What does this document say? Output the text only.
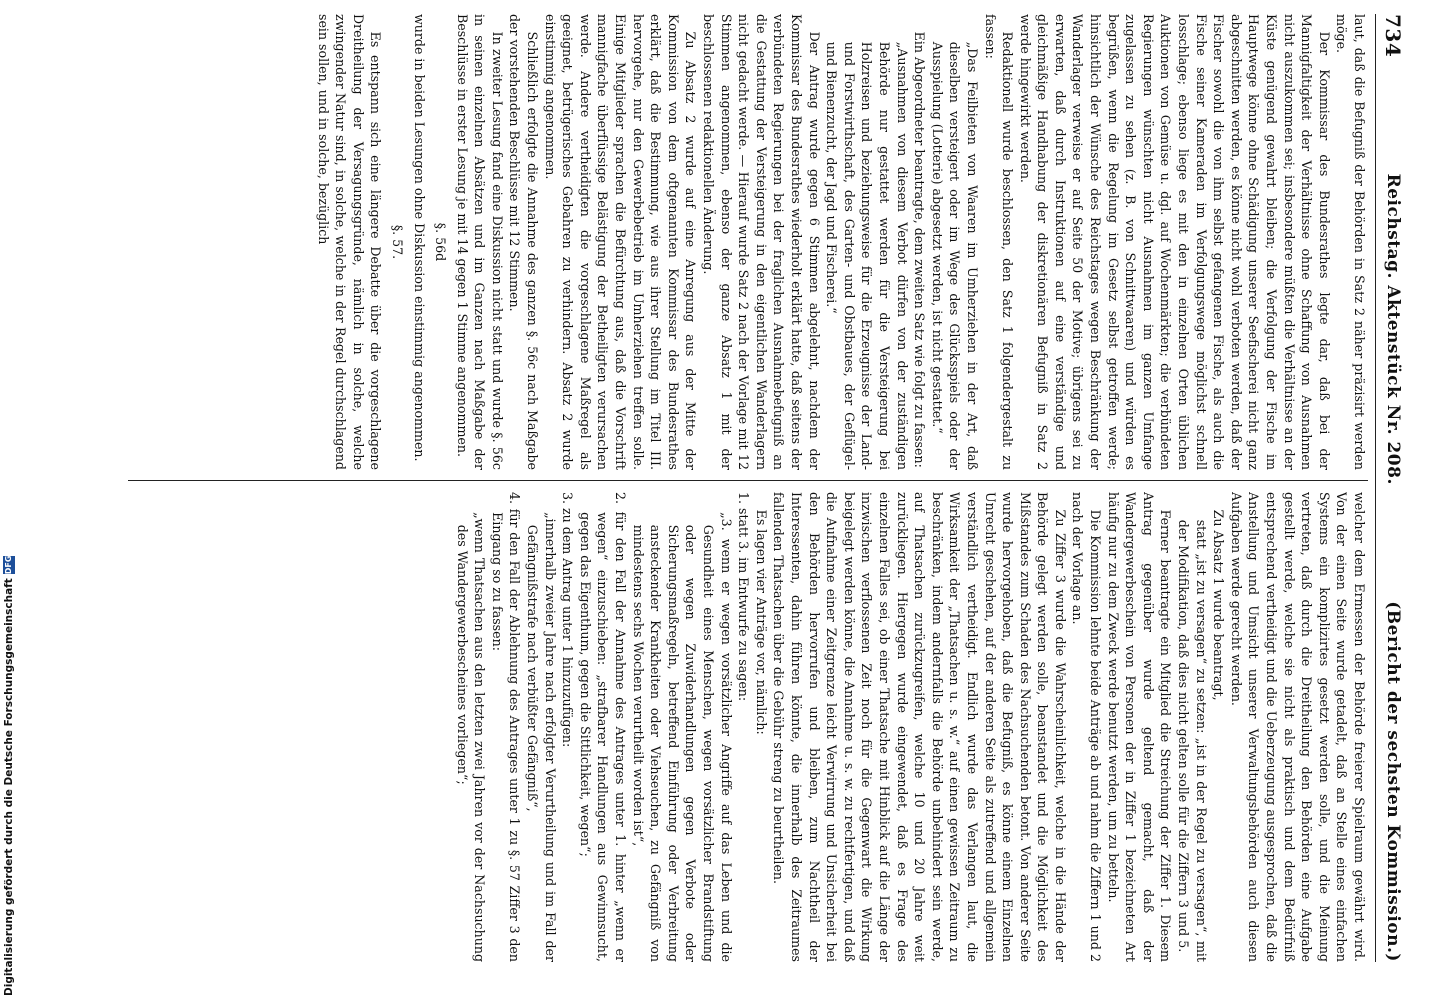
734
Reichstag. Aktenstück Nr. 208.
(Bericht der sechsten Kommission.)

laut, daß die Befugniß der Behörden in Satz 2 näher präzisirt werden möge.

Der Kommissar des Bundesrathes legte dar, daß bei der Mannigfaltigkeit der Verhältnisse ohne Schaffung von Ausnahmen nicht auszukommen sei; insbesondere müßten die Verhältnisse an der Küste genügend gewahrt bleiben; die Verfolgung der Fische im Hauptwege könne ohne Schädigung unserer Seefischerei nicht ganz abgeschnitten werden, es könne nicht wohl verboten werden, daß der Fischer sowohl die von ihm selbst gefangenen Fische, als auch die Fische seiner Kameraden im Verfolgungswege möglichst schnell losschlage; ebenso liege es mit den in einzelnen Orten üblichen Auktionen von Gemüse u. dgl. auf Wochenmärkten; die verbündeten Regierungen wünschten nicht Ausnahmen im ganzen Umfange zugelassen zu sehen (z. B. von Schnittwaaren) und würden es begrüßen, wenn die Regelung im Gesetz selbst getroffen werde; hinsichtlich der Wünsche des Reichstages wegen Beschränkung der Wanderlager verweise er auf Seite 50 der Motive; übrigens sei zu erwarten, daß durch Instruktionen auf eine verständige und gleichmäßige Handhabung der diskretionären Befugniß in Satz 2 werde hingewirkt werden.

Redaktionell wurde beschlossen, den Satz 1 folgendergestalt zu fassen:

„Das Feilbieten von Waaren im Umherziehen in der Art, daß dieselben versteigert oder im Wege des Glücksspiels oder der Ausspielung (Lotterie) abgesetzt werden, ist nicht gestattet.“

Ein Abgeordneter beantragte, dem zweiten Satz wie folgt zu fassen:

„Ausnahmen von diesem Verbot dürfen von der zuständigen Behörde nur gestattet werden für die Versteigerung bei Holzreisen und beziehungsweise für die Erzeugnisse der Land- und Forstwirthschaft, des Garten- und Obstbaues, der Geflügel- und Bienenzucht, der Jagd und Fischerei.“

Der Antrag wurde gegen 6 Stimmen abgelehnt, nachdem der Kommissar des Bundesrathes wiederholt erklärt hatte, daß seitens der verbündeten Regierungen bei der fraglichen Ausnahmebefugniß an die Gestattung der Versteigerung in den eigentlichen Wanderlagern nicht gedacht werde. — Hierauf wurde Satz 2 nach der Vorlage mit 12 Stimmen angenommen, ebenso der ganze Absatz 1 mit der beschlossenen redaktionellen Änderung.

Zu Absatz 2 wurde auf eine Anregung aus der Mitte der Kommission von dem oftgenannten Kommissar des Bundesrathes erklärt, daß die Bestimmung, wie aus ihrer Stellung im Titel III. hervorgehe, nur den Gewerbebetrieb im Umherziehen treffen solle. Einige Mitglieder sprachen die Befürchtung aus, daß die Vorschrift mannigfache überflüssige Belästigung der Betheiligten verursachen werde. Andere vertheidigten die vorgeschlagene Maßregel als geeignet, betrügerisches Gebahren zu verhindern. Absatz 2 wurde einstimmig angenommen.

Schließlich erfolgte die Annahme des ganzen §. 56c nach Maßgabe der vorstehenden Beschlüsse mit 12 Stimmen.

In zweiter Lesung fand eine Diskussion nicht statt und wurde §. 56c in seinen einzelnen Absätzen und im Ganzen nach Maßgabe der Beschlüsse in erster Lesung je mit 14 gegen 1 Stimme angenommen.

§. 56d

wurde in beiden Lesungen ohne Diskussion einstimmig angenommen.

§. 57.

Es entspann sich eine längere Debatte über die vorgeschlagene Dreitheilung der Versagungsgründe, nämlich in solche, welche zwingender Natur sind, in solche, welche in der Regel durchschlagend sein sollen, und in solche, bezüglich

welcher dem Ermessen der Behörde freierer Spielraum gewährt wird. Von der einen Seite wurde getadelt, daß an Stelle eines einfachen Systems ein komplizirtes gesetzt werden solle, und die Meinung vertreten, daß durch die Dreitheilung den Behörden eine Aufgabe gestellt werde, welche sie nicht als praktisch und dem Bedürfniß entsprechend vertheidigt und die Ueberzeugung ausgesprochen, daß die Anstellung und Umsicht unserer Verwaltungsbehörden auch diesen Aufgaben werde gerecht werden.

Zu Absatz 1 wurde beantragt,

statt „ist zu versagen“ zu setzen: „ist in der Regel zu versagen“, mit der Modifikation, daß dies nicht gelten solle für die Ziffern 3 und 5.

Ferner beantragte ein Mitglied die Streichung der Ziffer 1. Diesem Antrag gegenüber wurde geltend gemacht, daß der Wandergewerbeschein von Personen der in Ziffer 1 bezeichneten Art häufig nur zu dem Zweck werde benutzt werden, um zu betteln.

Die Kommission lehnte beide Anträge ab und nahm die Ziffern 1 und 2 nach der Vorlage an.

Zu Ziffer 3 wurde die Wahrscheinlichkeit, welche in die Hände der Behörde gelegt werden solle, beanstandet und die Möglichkeit des Mißstandes zum Schaden des Nachsuchenden betont. Von anderer Seite wurde hervorgehoben, daß die Befugniß, es könne einem Einzelnen Unrecht geschehen, auf der anderen Seite als zutreffend und allgemein verständlich vertheidigt. Endlich wurde das Verlangen laut, die Wirksamkeit der „Thatsachen u. s. w.“ auf einen gewissen Zeitraum zu beschränken, indem andernfalls die Behörde unbehindert sein werde, auf Thatsachen zurückzugreifen, welche 10 und 20 Jahre weit zurückliegen. Hiergegen wurde eingewendet, daß es Frage des einzelnen Falles sei, ob einer Thatsache mit Hinblick auf die Länge der inzwischen verflossenen Zeit noch für die Gegenwart die Wirkung beigelegt werden könne, die Annahme u. s. w. zu rechtfertigen, und daß die Aufnahme einer Zeitgrenze leicht Verwirrung und Unsicherheit bei den Behörden hervorrufen und bleiben, zum Nachtheil der Interessenten, dahin führen könnte, die innerhalb des Zeitraumes fallenden Thatsachen über die Gebühr streng zu beurtheilen.

Es lagen vier Anträge vor, nämlich:

1. statt 3. im Entwurfe zu sagen:

„3. wenn er wegen vorsätzlicher Angriffe auf das Leben und die Gesundheit eines Menschen, wegen vorsätzlicher Brandstiftung oder wegen Zuwiderhandlungen gegen Verbote oder Sicherungsmaßregeln, betreffend Einführung oder Verbreitung ansteckender Krankheiten oder Viehseuchen, zu Gefängniß von mindestens sechs Wochen verurtheilt worden ist“,

2. für den Fall der Annahme des Antrages unter 1. hinter „wenn er wegen“ einzuschieben: „strafbarer Handlungen aus Gewinnsucht, gegen das Eigenthum, gegen die Sittlichkeit, wegen“;

3. zu dem Antrag unter 1 hinzuzufügen:

„innerhalb zweier Jahre nach erfolgter Verurtheilung und im Fall der Gefängnißstrafe nach verbüßter Gefängniß“,

4. für den Fall der Ablehnung des Antrages unter 1 zu §. 57 Ziffer 3 den Eingang so zu fassen:

„wenn Thatsachen aus den letzten zwei Jahren vor der Nachsuchung des Wandergewerbescheines vorliegen“;

Digitalisierung gefördert durch die Deutsche Forschungsgemeinschaft
DFG
